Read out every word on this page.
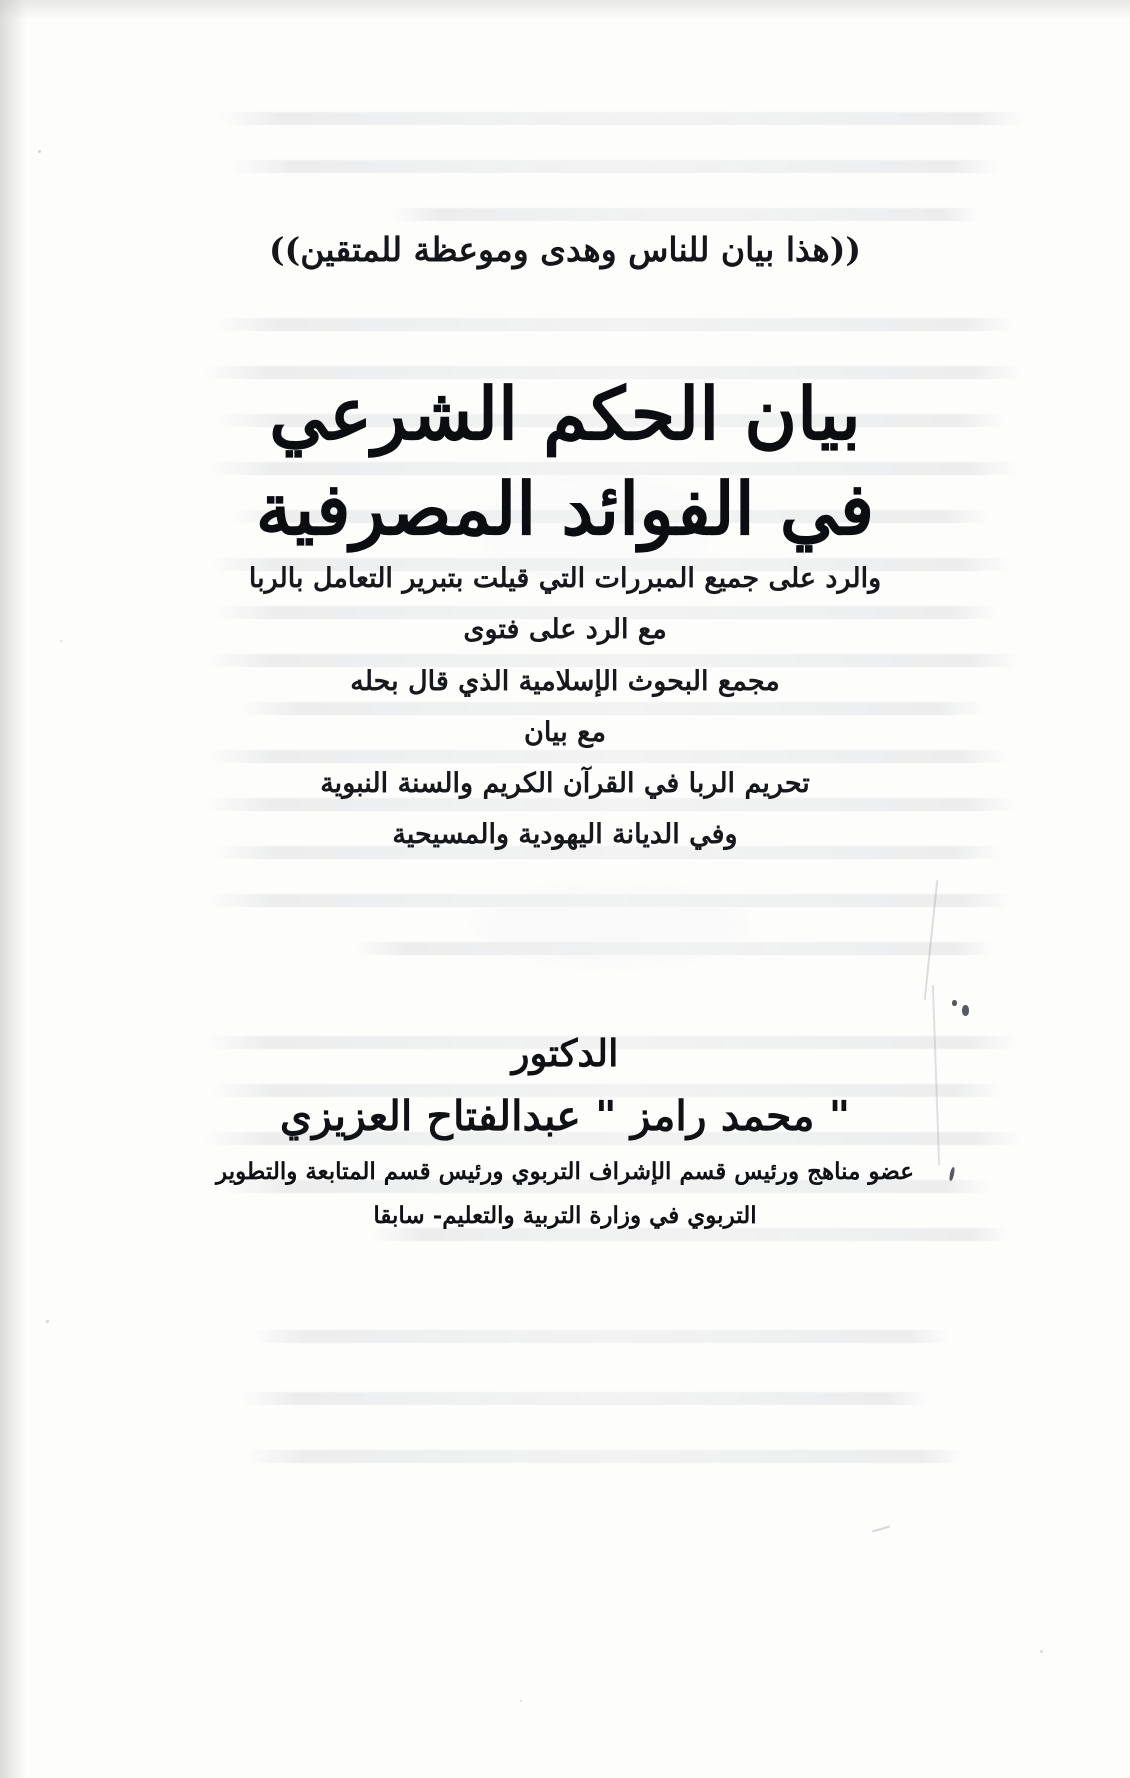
((هذا بيان للناس وهدى وموعظة للمتقين))
بيان الحكم الشرعي
في الفوائد المصرفية
والرد على جميع المبررات التي قيلت بتبرير التعامل بالربا
مع الرد على فتوى
مجمع البحوث الإسلامية الذي قال بحله
مع بيان
تحريم الربا في القرآن الكريم والسنة النبوية
وفي الديانة اليهودية والمسيحية
الدكتور
" محمد رامز " عبدالفتاح العزيزي
عضو مناهج ورئيس قسم الإشراف التربوي ورئيس قسم المتابعة والتطوير
التربوي في وزارة التربية والتعليم- سابقا
